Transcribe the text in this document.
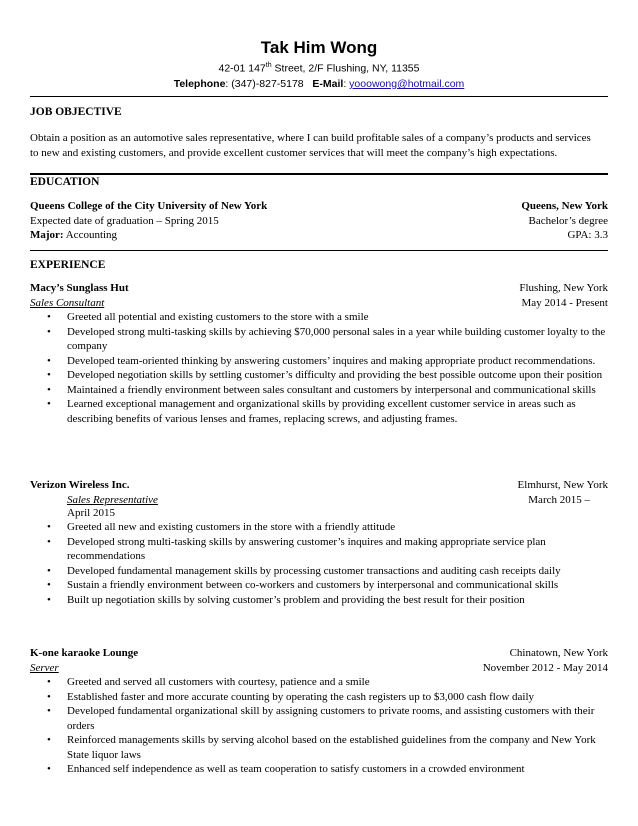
Tak Him Wong
42-01 147th Street, 2/F Flushing, NY, 11355
Telephone: (347)-827-5178 E-Mail: yooowong@hotmail.com
JOB OBJECTIVE
Obtain a position as an automotive sales representative, where I can build profitable sales of a company’s products and services to new and existing customers, and provide excellent customer services that will meet the company’s high expectations.
EDUCATION
Queens College of the City University of New York	Queens, New York
Expected date of graduation – Spring 2015	Bachelor’s degree
Major: Accounting	GPA: 3.3
EXPERIENCE
Macy’s Sunglass Hut	Flushing, New York
Sales Consultant	May 2014 - Present
• Greeted all potential and existing customers to the store with a smile
• Developed strong multi-tasking skills by achieving $70,000 personal sales in a year while building customer loyalty to the company
• Developed team-oriented thinking by answering customers’ inquires and making appropriate product recommendations.
• Developed negotiation skills by settling customer’s difficulty and providing the best possible outcome upon their position
• Maintained a friendly environment between sales consultant and customers by interpersonal and communicational skills
• Learned exceptional management and organizational skills by providing excellent customer service in areas such as describing benefits of various lenses and frames, replacing screws, and adjusting frames.
Verizon Wireless Inc.	Elmhurst, New York
Sales Representative	March 2015 –
April 2015
• Greeted all new and existing customers in the store with a friendly attitude
• Developed strong multi-tasking skills by answering customer’s inquires and making appropriate service plan recommendations
• Developed fundamental management skills by processing customer transactions and auditing cash receipts daily
• Sustain a friendly environment between co-workers and customers by interpersonal and communicational skills
• Built up negotiation skills by solving customer’s problem and providing the best result for their position
K-one karaoke Lounge	Chinatown, New York
Server	November 2012 - May 2014
• Greeted and served all customers with courtesy, patience and a smile
• Established faster and more accurate counting by operating the cash registers up to $3,000 cash flow daily
• Developed fundamental organizational skill by assigning customers to private rooms, and assisting customers with their orders
• Reinforced managements skills by serving alcohol based on the established guidelines from the company and New York State liquor laws
• Enhanced self independence as well as team cooperation to satisfy customers in a crowded environment
